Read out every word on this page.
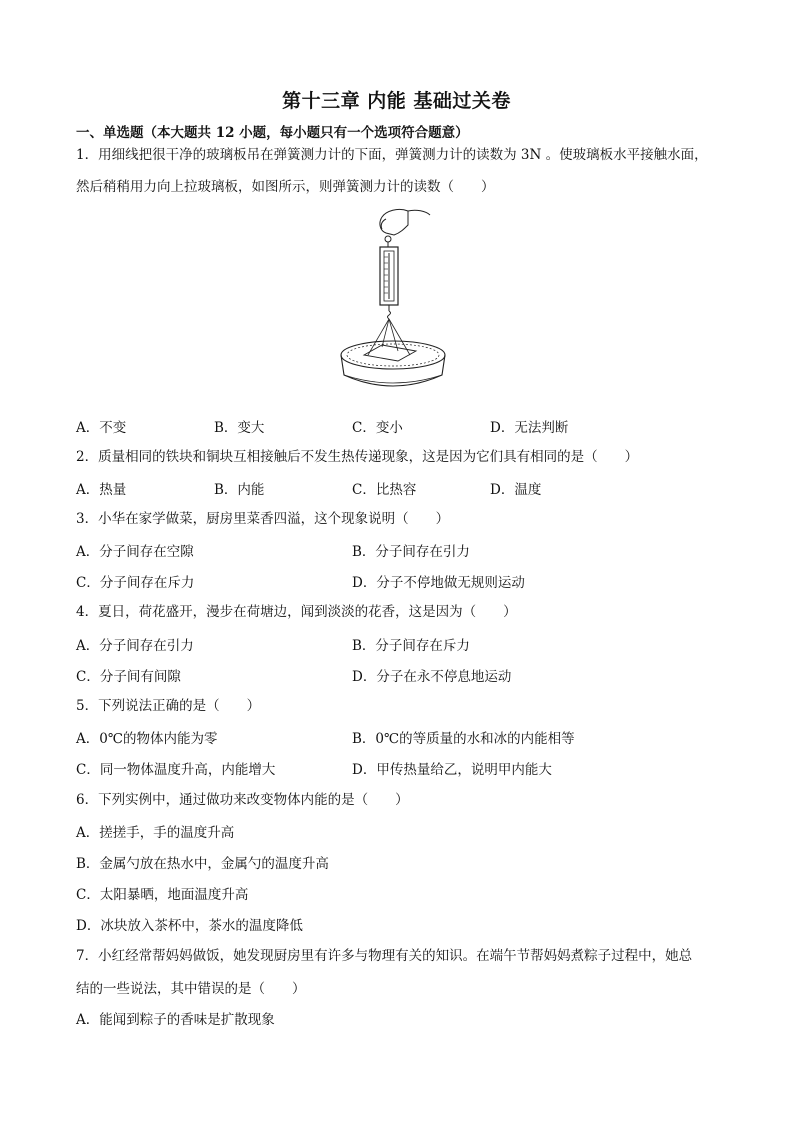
第十三章 内能 基础过关卷
一、单选题（本大题共 12 小题，每小题只有一个选项符合题意）
1．用细线把很干净的玻璃板吊在弹簧测力计的下面，弹簧测力计的读数为 3N 。使玻璃板水平接触水面，
然后稍稍用力向上拉玻璃板，如图所示，则弹簧测力计的读数（　　）
A．不变	B．变大	C．变小	D．无法判断
2．质量相同的铁块和铜块互相接触后不发生热传递现象，这是因为它们具有相同的是（　　）
A．热量	B．内能	C．比热容	D．温度
3．小华在家学做菜，厨房里菜香四溢，这个现象说明（　　）
A．分子间存在空隙	B．分子间存在引力
C．分子间存在斥力	D．分子不停地做无规则运动
4．夏日，荷花盛开，漫步在荷塘边，闻到淡淡的花香，这是因为（　　）
A．分子间存在引力	B．分子间存在斥力
C．分子间有间隙	D．分子在永不停息地运动
5．下列说法正确的是（　　）
A．0℃的物体内能为零	B．0℃的等质量的水和冰的内能相等
C．同一物体温度升高，内能增大	D．甲传热量给乙，说明甲内能大
6．下列实例中，通过做功来改变物体内能的是（　　）
A．搓搓手，手的温度升高
B．金属勺放在热水中，金属勺的温度升高
C．太阳暴晒，地面温度升高
D．冰块放入茶杯中，茶水的温度降低
7．小红经常帮妈妈做饭，她发现厨房里有许多与物理有关的知识。在端午节帮妈妈煮粽子过程中，她总
结的一些说法，其中错误的是（　　）
A．能闻到粽子的香味是扩散现象
